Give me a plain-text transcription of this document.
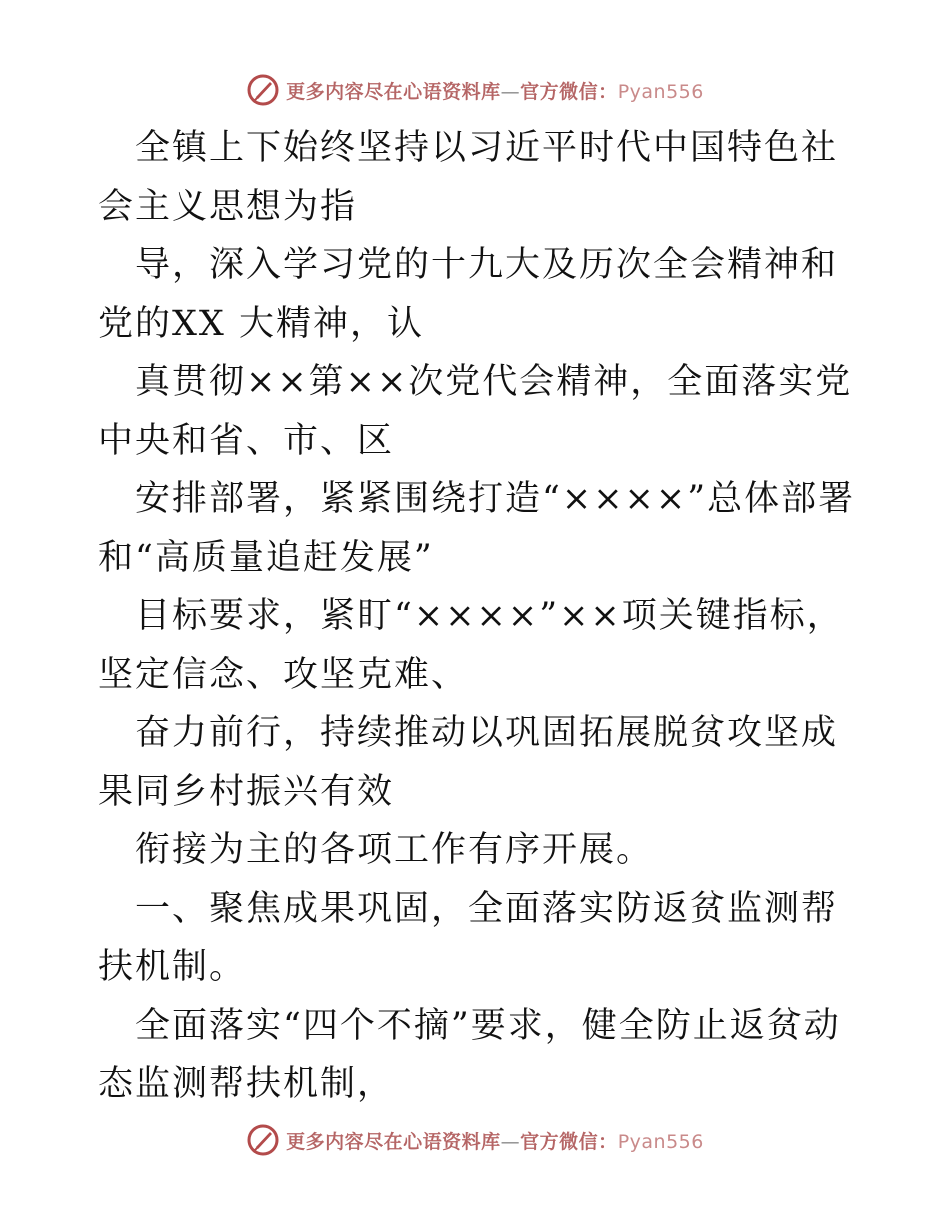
更多内容尽在心语资料库—官方微信：Pyan556

全镇上下始终坚持以习近平时代中国特色社会主义思想为指

导，深入学习党的十九大及历次全会精神和党的XX 大精神，认

真贯彻××第××次党代会精神，全面落实党中央和省、市、区

安排部署，紧紧围绕打造“××××”总体部署和“高质量追赶发展”

目标要求，紧盯“××××”××项关键指标，坚定信念、攻坚克难、

奋力前行，持续推动以巩固拓展脱贫攻坚成果同乡村振兴有效

衔接为主的各项工作有序开展。

一、聚焦成果巩固，全面落实防返贫监测帮扶机制。

全面落实“四个不摘”要求，健全防止返贫动态监测帮扶机制，

更多内容尽在心语资料库—官方微信：Pyan556
